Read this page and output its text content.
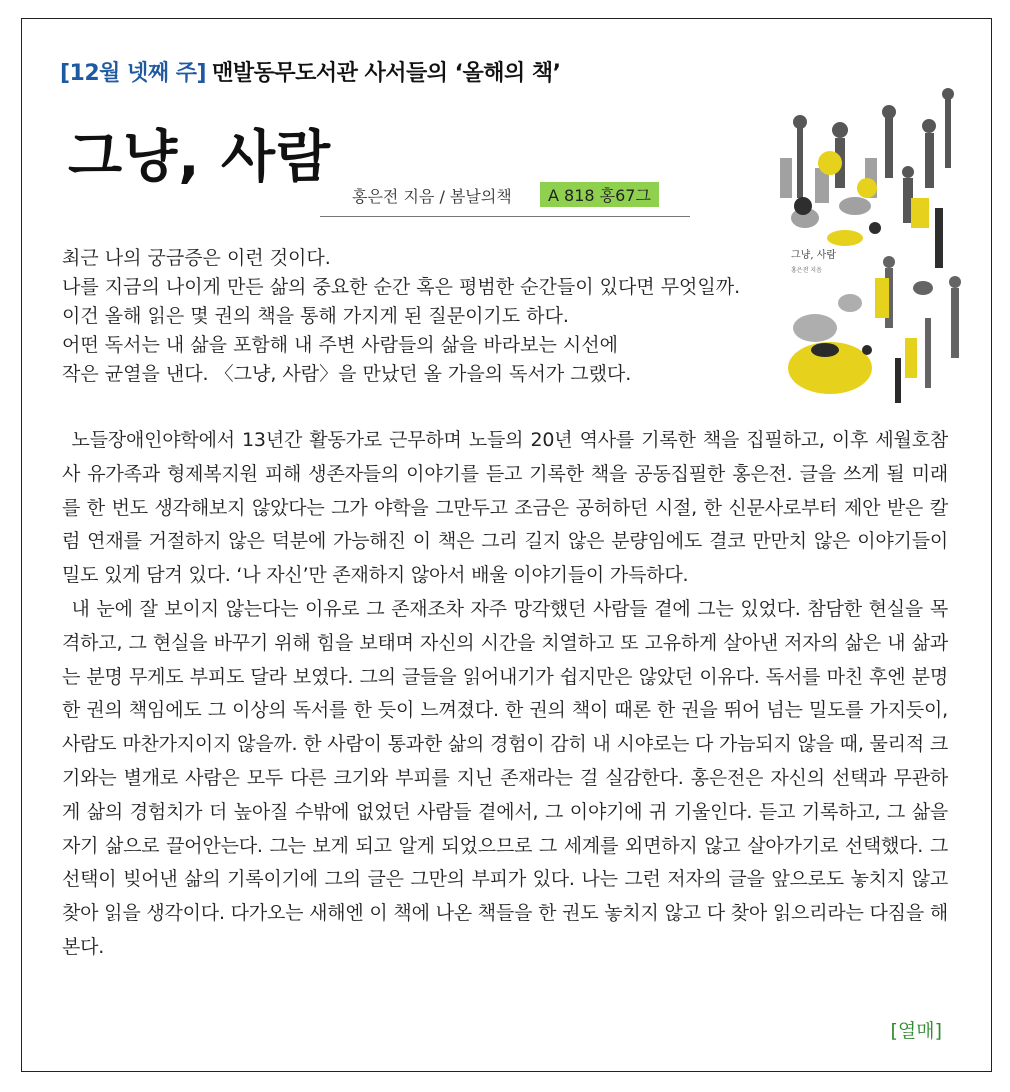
[12월 넷째 주] 맨발동무도서관 사서들의 ‘올해의 책’
그냥, 사람
홍은전 지음 / 봄날의책	A 818 홍67그
그냥, 사람
홍은전 지음
최근 나의 궁금증은 이런 것이다.
나를 지금의 나이게 만든 삶의 중요한 순간 혹은 평범한 순간들이 있다면 무엇일까.
이건 올해 읽은 몇 권의 책을 통해 가지게 된 질문이기도 하다.
어떤 독서는 내 삶을 포함해 내 주변 사람들의 삶을 바라보는 시선에
작은 균열을 낸다. 〈그냥, 사람〉을 만났던 올 가을의 독서가 그랬다.

노들장애인야학에서 13년간 활동가로 근무하며 노들의 20년 역사를 기록한 책을 집필하고, 이후 세월호참사 유가족과 형제복지원 피해 생존자들의 이야기를 듣고 기록한 책을 공동집필한 홍은전. 글을 쓰게 될 미래를 한 번도 생각해보지 않았다는 그가 야학을 그만두고 조금은 공허하던 시절, 한 신문사로부터 제안 받은 칼럼 연재를 거절하지 않은 덕분에 가능해진 이 책은 그리 길지 않은 분량임에도 결코 만만치 않은 이야기들이 밀도 있게 담겨 있다. ‘나 자신’만 존재하지 않아서 배울 이야기들이 가득하다.

내 눈에 잘 보이지 않는다는 이유로 그 존재조차 자주 망각했던 사람들 곁에 그는 있었다. 참담한 현실을 목격하고, 그 현실을 바꾸기 위해 힘을 보태며 자신의 시간을 치열하고 또 고유하게 살아낸 저자의 삶은 내 삶과는 분명 무게도 부피도 달라 보였다. 그의 글들을 읽어내기가 쉽지만은 않았던 이유다. 독서를 마친 후엔 분명 한 권의 책임에도 그 이상의 독서를 한 듯이 느껴졌다. 한 권의 책이 때론 한 권을 뛰어 넘는 밀도를 가지듯이, 사람도 마찬가지이지 않을까. 한 사람이 통과한 삶의 경험이 감히 내 시야로는 다 가늠되지 않을 때, 물리적 크기와는 별개로 사람은 모두 다른 크기와 부피를 지닌 존재라는 걸 실감한다. 홍은전은 자신의 선택과 무관하게 삶의 경험치가 더 높아질 수밖에 없었던 사람들 곁에서, 그 이야기에 귀 기울인다. 듣고 기록하고, 그 삶을 자기 삶으로 끌어안는다. 그는 보게 되고 알게 되었으므로 그 세계를 외면하지 않고 살아가기로 선택했다. 그 선택이 빚어낸 삶의 기록이기에 그의 글은 그만의 부피가 있다. 나는 그런 저자의 글을 앞으로도 놓치지 않고 찾아 읽을 생각이다. 다가오는 새해엔 이 책에 나온 책들을 한 권도 놓치지 않고 다 찾아 읽으리라는 다짐을 해본다.

[열매]
